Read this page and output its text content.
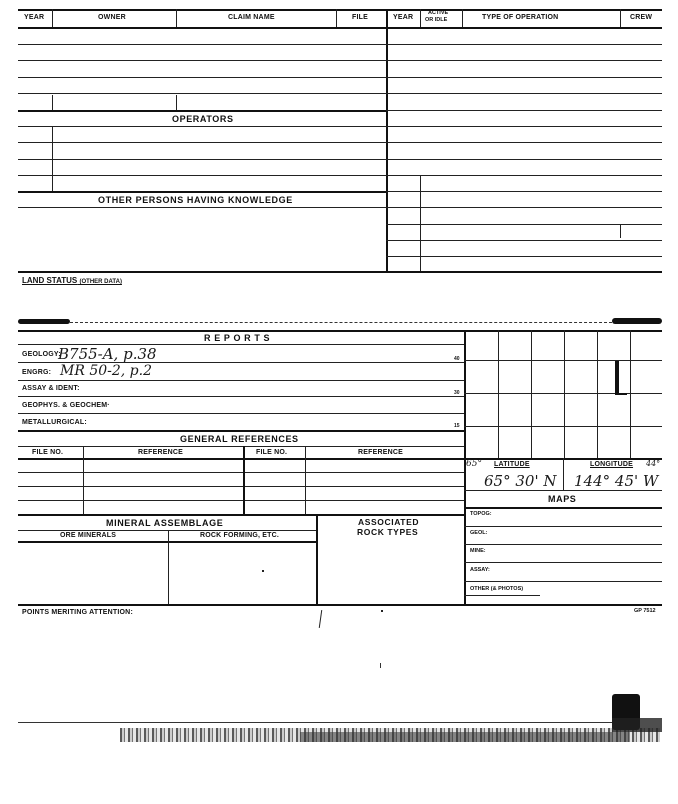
YEAR	OWNER	CLAIM NAME	FILE	YEAR
ACTIVE
OR IDLE	TYPE OF OPERATION	CREW
OPERATORS
OTHER PERSONS HAVING KNOWLEDGE
LAND STATUS (OTHER DATA)
R E P O R T S
GEOLOGY:
B755-A, p.38	40
ENGRG: MR 50-2, p.2
ASSAY & IDENT:
30
GEOPHYS. & GEOCHEM·
METALLURGICAL:	15
GENERAL REFERENCES
FILE NO.	REFERENCE	FILE NO.	REFERENCE
65° LATITUDE	LONGITUDE 44°
65° 30' N 144° 45' W
MAPS
TOPOG:
GEOL:
MINE:
ASSAY:
OTHER (& PHOTOS)
MINERAL ASSEMBLAGE
ORE MINERALS	ROCK FORMING, ETC.
ASSOCIATED
ROCK TYPES
POINTS MERITING ATTENTION:	GP 7512
